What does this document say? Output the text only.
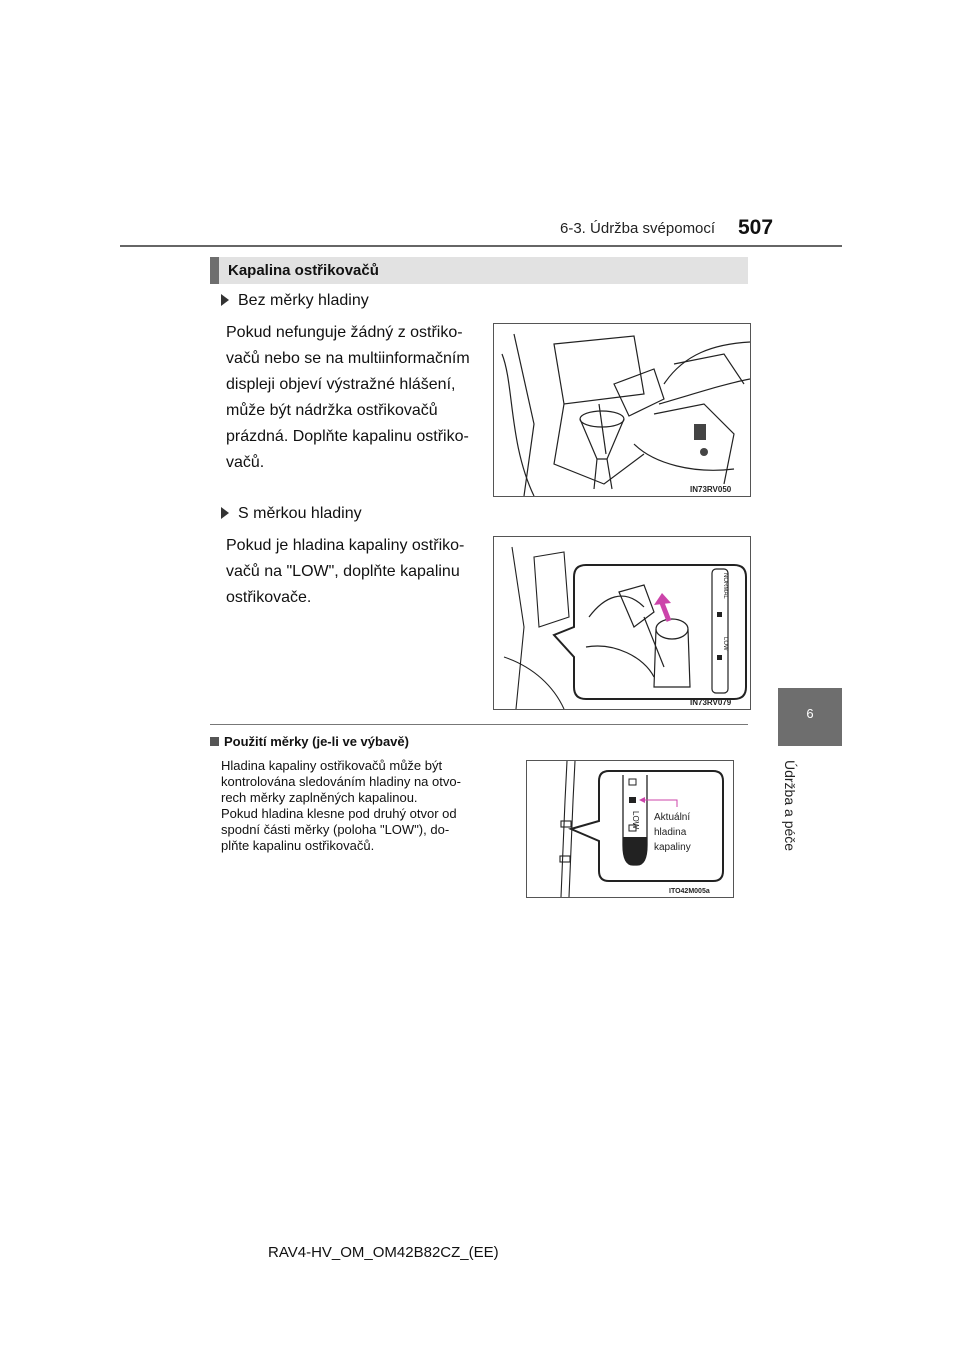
6-3. Údržba svépomocí 507
6
Údržba a péče
Kapalina ostřikovačů
Bez měrky hladiny
Pokud nefunguje žádný z ostřiko-
vačů nebo se na multiinformačním
displeji objeví výstražné hlášení,
může být nádržka ostřikovačů
prázdná. Doplňte kapalinu ostřiko-
vačů.
IN73RV050
S měrkou hladiny
Pokud je hladina kapaliny ostřiko-
vačů na "LOW", doplňte kapalinu
ostřikovače.	NORMAL
LOW
IN73RV079
Použití měrky (je-li ve výbavě)
Hladina kapaliny ostřikovačů může být
kontrolována sledováním hladiny na otvo-
rech měrky zaplněných kapalinou.
Pokud hladina klesne pod druhý otvor od
spodní části měrky (poloha "LOW"), do-
plňte kapalinu ostřikovačů.
LOW Aktuální
hladina
kapaliny
ITO42M005a
RAV4-HV_OM_OM42B82CZ_(EE)
